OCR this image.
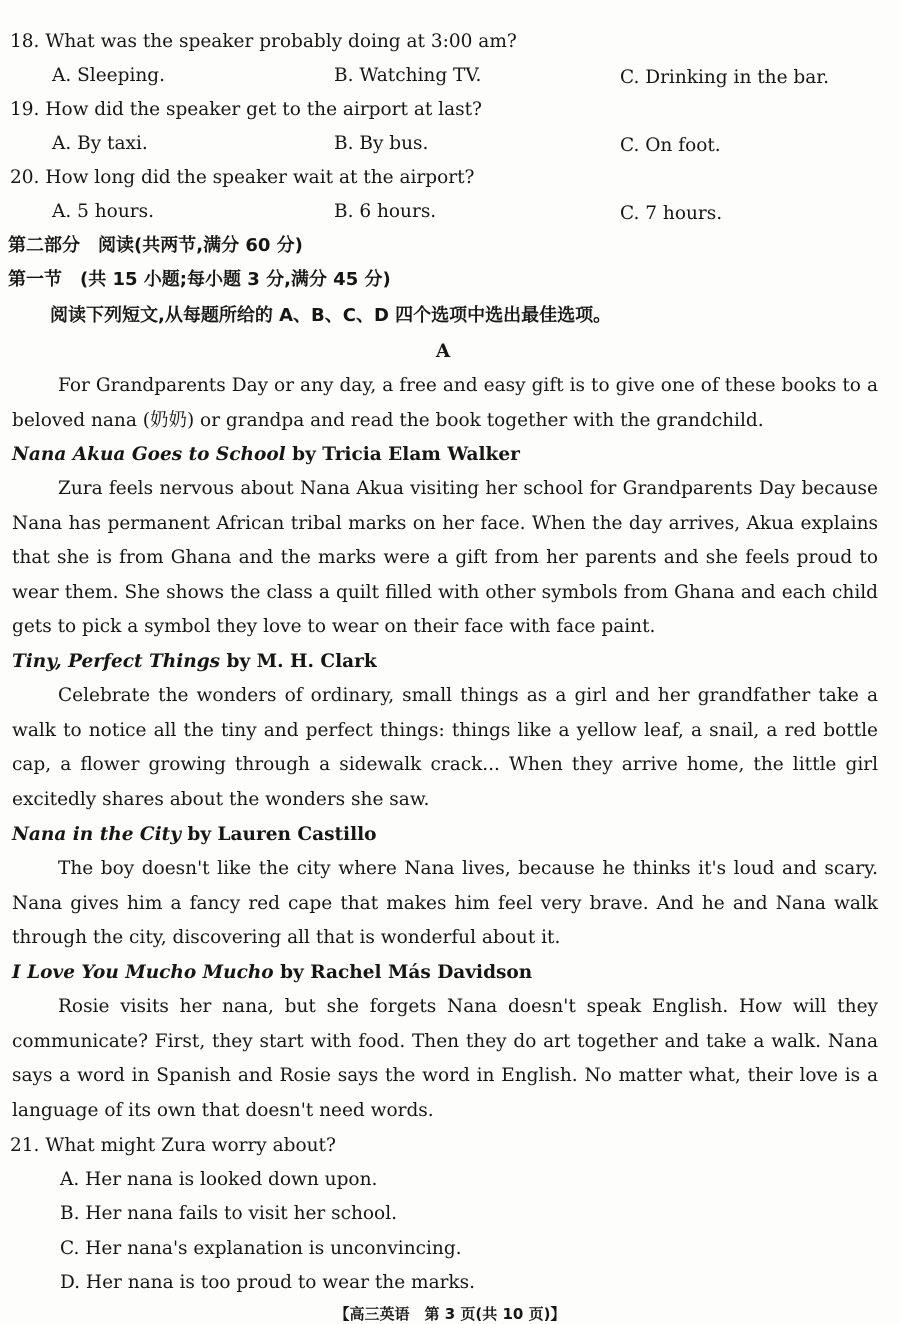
18. What was the speaker probably doing at 3:00 am?
A. Sleeping.	B. Watching TV.	C. Drinking in the bar.
19. How did the speaker get to the airport at last?
A. By taxi.	B. By bus.	C. On foot.
20. How long did the speaker wait at the airport?
A. 5 hours.	B. 6 hours.	C. 7 hours.
第二部分　阅读(共两节,满分 60 分)
第一节　(共 15 小题;每小题 3 分,满分 45 分)
阅读下列短文,从每题所给的 A、B、C、D 四个选项中选出最佳选项。
A

For Grandparents Day or any day, a free and easy gift is to give one of these books to a beloved nana (奶奶) or grandpa and read the book together with the grandchild.

Nana Akua Goes to School by Tricia Elam Walker

Zura feels nervous about Nana Akua visiting her school for Grandparents Day because Nana has permanent African tribal marks on her face. When the day arrives, Akua explains that she is from Ghana and the marks were a gift from her parents and she feels proud to wear them. She shows the class a quilt filled with other symbols from Ghana and each child gets to pick a symbol they love to wear on their face with face paint.

Tiny, Perfect Things by M. H. Clark

Celebrate the wonders of ordinary, small things as a girl and her grandfather take a walk to notice all the tiny and perfect things: things like a yellow leaf, a snail, a red bottle cap, a flower growing through a sidewalk crack... When they arrive home, the little girl excitedly shares about the wonders she saw.

Nana in the City by Lauren Castillo

The boy doesn't like the city where Nana lives, because he thinks it's loud and scary. Nana gives him a fancy red cape that makes him feel very brave. And he and Nana walk through the city, discovering all that is wonderful about it.

I Love You Mucho Mucho by Rachel Más Davidson

Rosie visits her nana, but she forgets Nana doesn't speak English. How will they communicate? First, they start with food. Then they do art together and take a walk. Nana says a word in Spanish and Rosie says the word in English. No matter what, their love is a language of its own that doesn't need words.

21. What might Zura worry about?
A. Her nana is looked down upon.
B. Her nana fails to visit her school.
C. Her nana's explanation is unconvincing.
D. Her nana is too proud to wear the marks.
【高三英语　第 3 页(共 10 页)】
